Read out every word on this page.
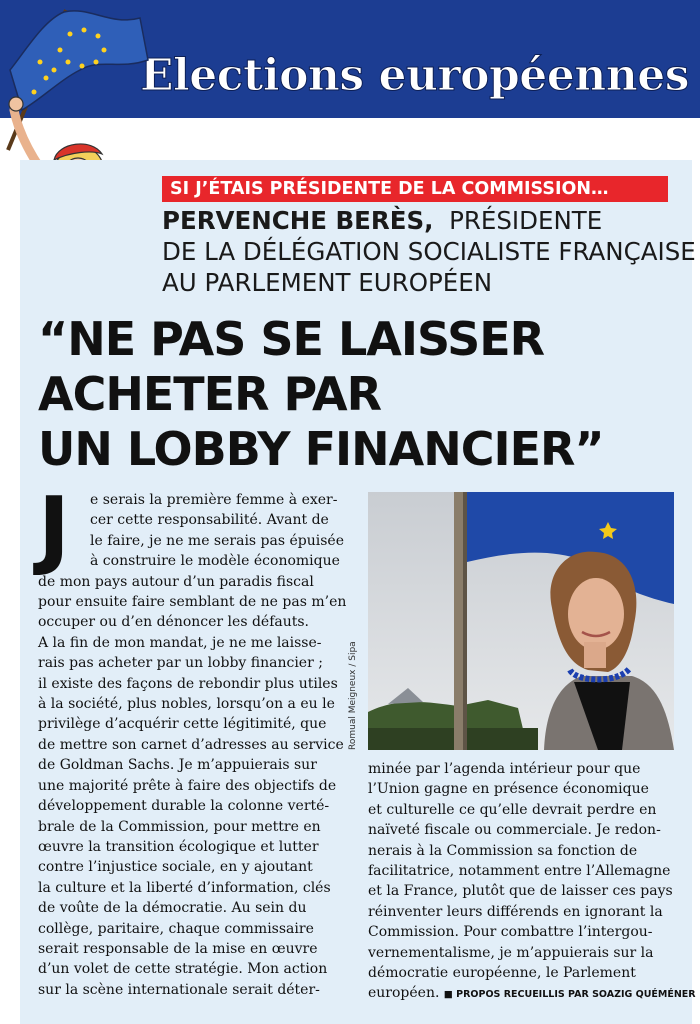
Elections européennes
SI J’ÉTAIS PRÉSIDENTE DE LA COMMISSION…
PERVENCHE BERÈS, PRÉSIDENTE
DE LA DÉLÉGATION SOCIALISTE FRANÇAISE
AU PARLEMENT EUROPÉEN
“NE PAS SE LAISSER
ACHETER PAR
UN LOBBY FINANCIER”
J	e serais la première femme à exer-
cer cette responsabilité. Avant de
le faire, je ne me serais pas épuisée
à construire le modèle économique
de mon pays autour d’un paradis fiscal
pour ensuite faire semblant de ne pas m’en
occuper ou d’en dénoncer les défauts.
A la fin de mon mandat, je ne me laisse-
rais pas acheter par un lobby financier ;
il existe des façons de rebondir plus utiles
à la société, plus nobles, lorsqu’on a eu le
privilège d’acquérir cette légitimité, que
de mettre son carnet d’adresses au service
de Goldman Sachs. Je m’appuierais sur
une majorité prête à faire des objectifs de
développement durable la colonne verté-
brale de la Commission, pour mettre en
œuvre la transition écologique et lutter
contre l’injustice sociale, en y ajoutant
la culture et la liberté d’information, clés
de voûte de la démocratie. Au sein du
collège, paritaire, chaque commissaire
serait responsable de la mise en œuvre
d’un volet de cette stratégie. Mon action
sur la scène internationale serait déter-
Romual Meigneux / Sipa
minée par l’agenda intérieur pour que
l’Union gagne en présence économique
et culturelle ce qu’elle devrait perdre en
naïveté fiscale ou commerciale. Je redon-
nerais à la Commission sa fonction de
facilitatrice, notamment entre l’Allemagne
et la France, plutôt que de laisser ces pays
réinventer leurs différends en ignorant la
Commission. Pour combattre l’intergou-
vernementalisme, je m’appuierais sur la
démocratie européenne, le Parlement
européen. ■ PROPOS RECUEILLIS PAR SOAZIG QUÉMÉNER
